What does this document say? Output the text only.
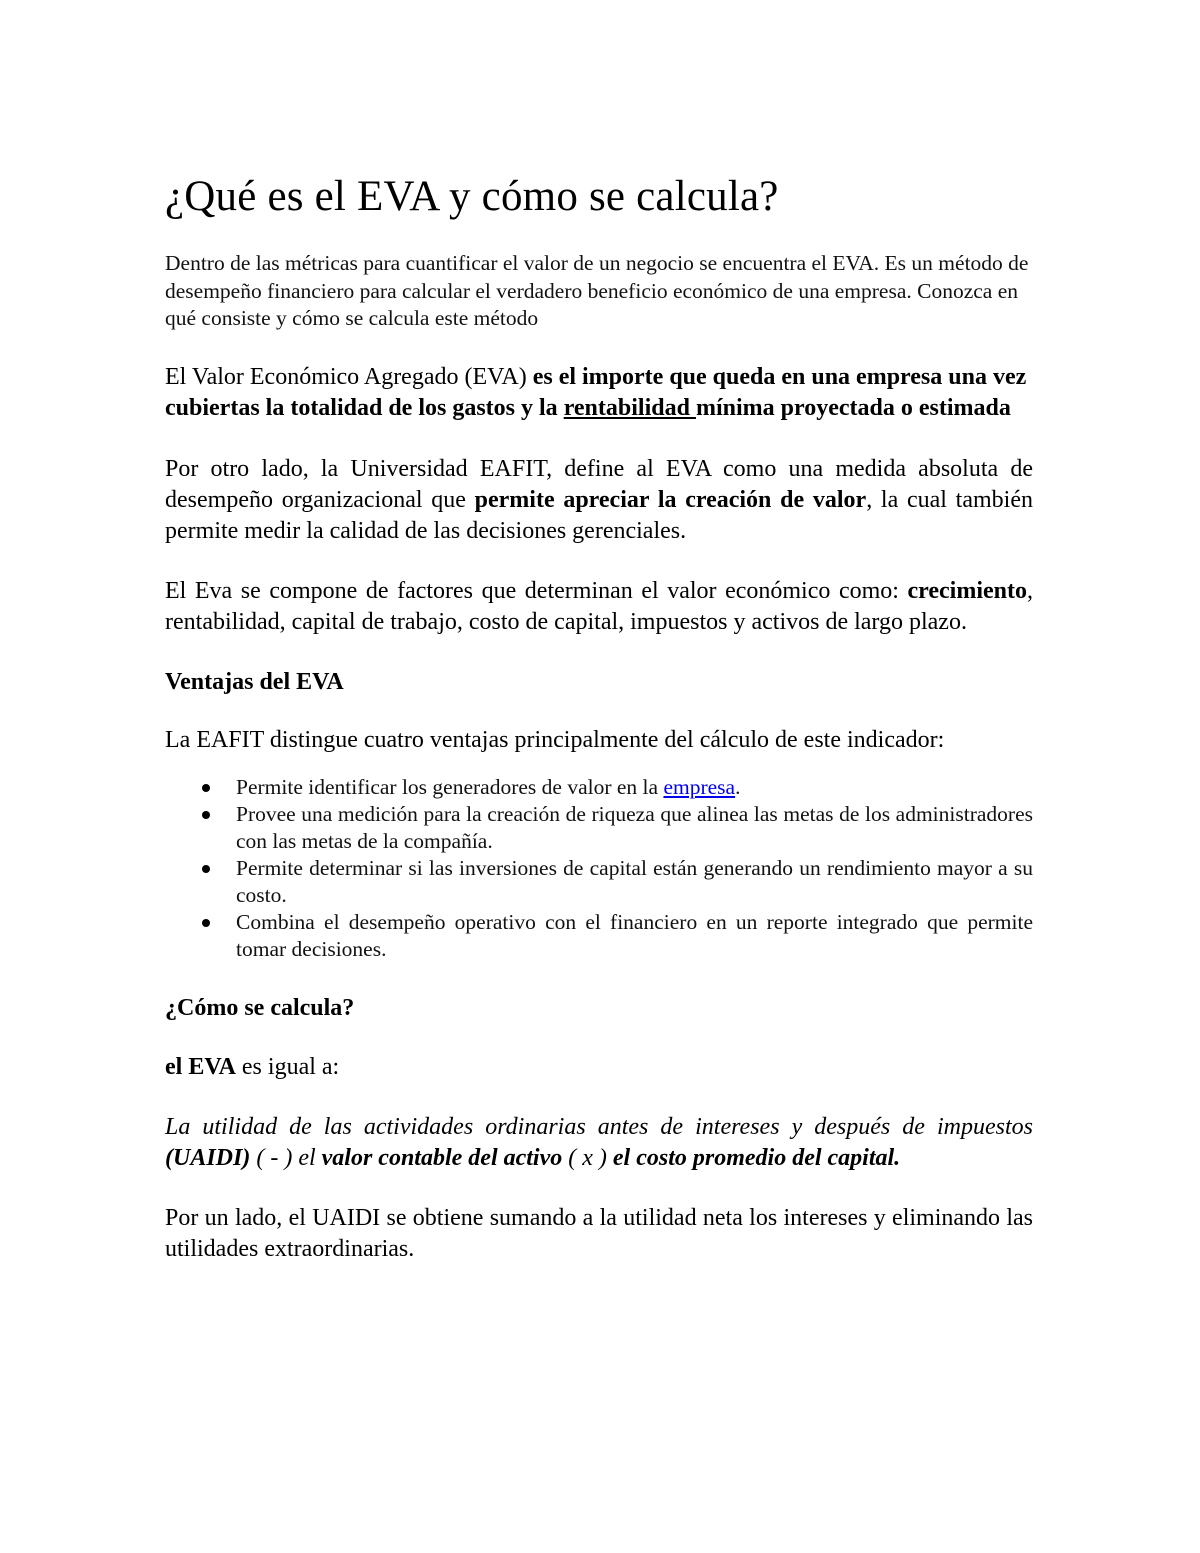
¿Qué es el EVA y cómo se calcula?

Dentro de las métricas para cuantificar el valor de un negocio se encuentra el EVA. Es un método de desempeño financiero para calcular el verdadero beneficio económico de una empresa. Conozca en qué consiste y cómo se calcula este método

El Valor Económico Agregado (EVA) es el importe que queda en una empresa una vez cubiertas la totalidad de los gastos y la rentabilidad mínima proyectada o estimada

Por otro lado, la Universidad EAFIT, define al EVA como una medida absoluta de desempeño organizacional que permite apreciar la creación de valor, la cual también permite medir la calidad de las decisiones gerenciales.

El Eva se compone de factores que determinan el valor económico como: crecimiento, rentabilidad, capital de trabajo, costo de capital, impuestos y activos de largo plazo.

Ventajas del EVA

La EAFIT distingue cuatro ventajas principalmente del cálculo de este indicador:

Permite identificar los generadores de valor en la empresa.
Provee una medición para la creación de riqueza que alinea las metas de los administradores con las metas de la compañía.
Permite determinar si las inversiones de capital están generando un rendimiento mayor a su costo.
Combina el desempeño operativo con el financiero en un reporte integrado que permite tomar decisiones.
¿Cómo se calcula?

el EVA es igual a:

La utilidad de las actividades ordinarias antes de intereses y después de impuestos (UAIDI) ( - ) el valor contable del activo ( x ) el costo promedio del capital.

Por un lado, el UAIDI se obtiene sumando a la utilidad neta los intereses y eliminando las utilidades extraordinarias.
